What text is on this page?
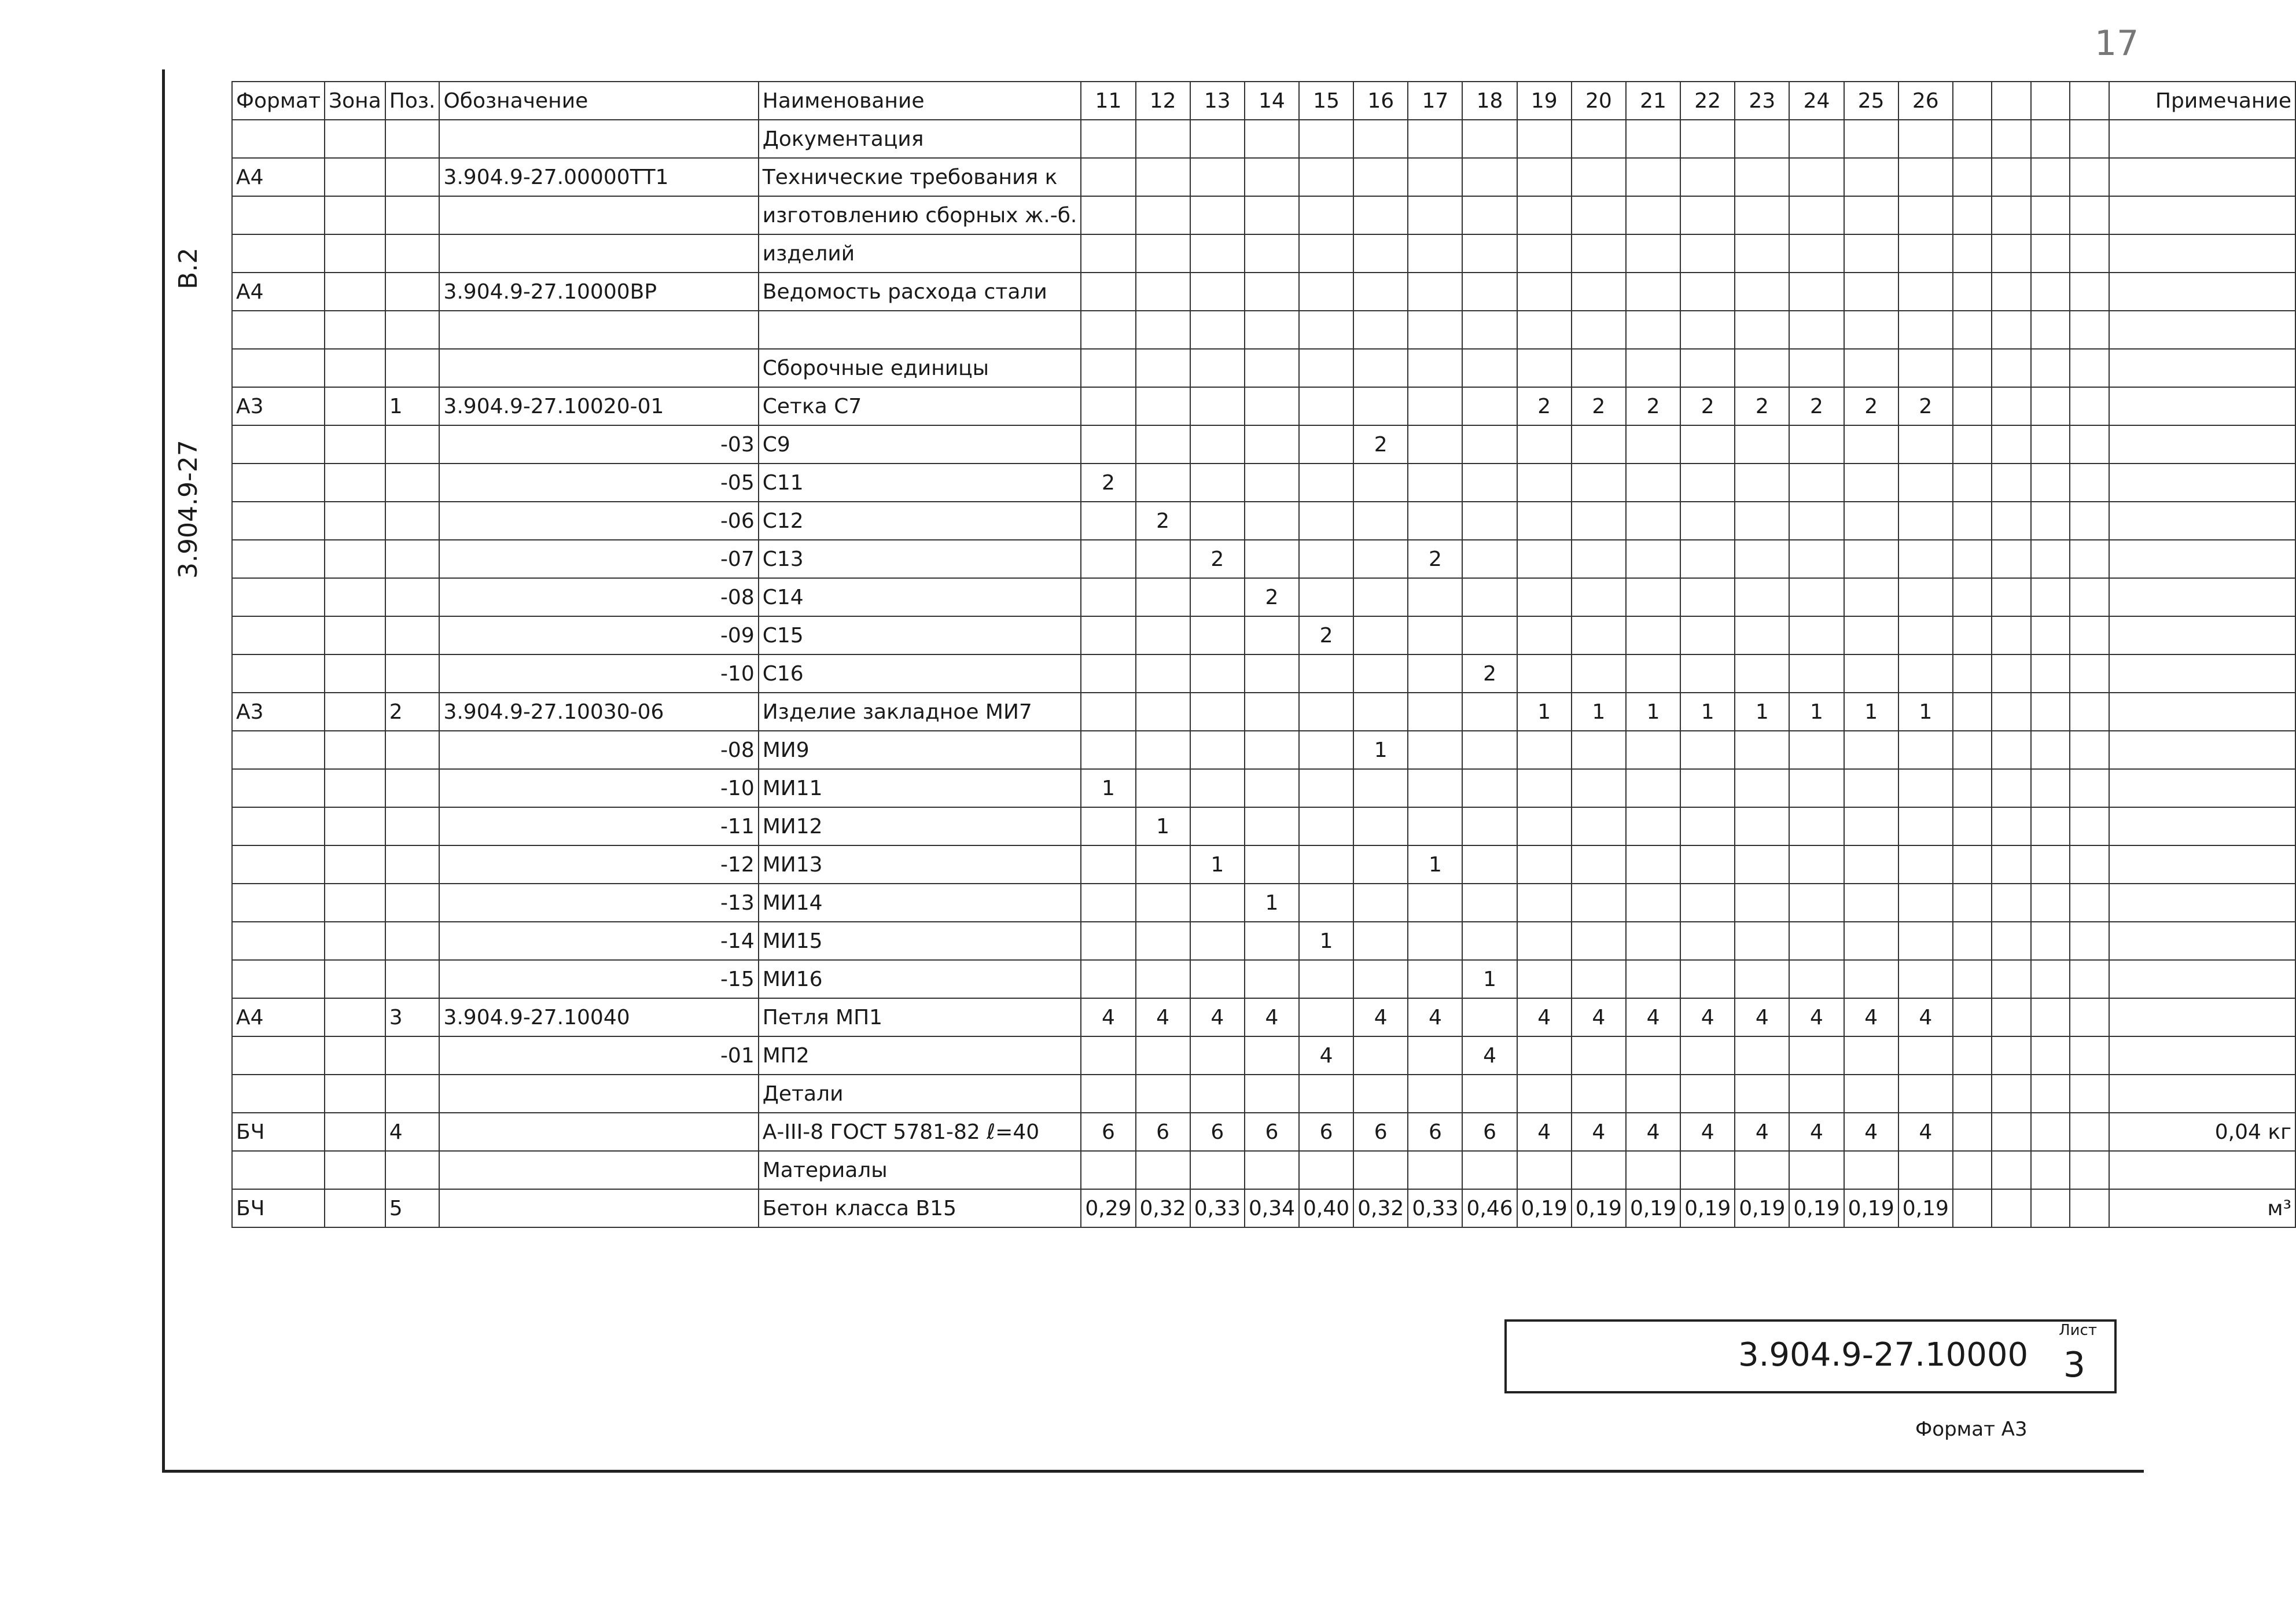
3.904.9-27
В.2
17
Формат	Зона	Поз.	Обозначение	Наименование	11	12	13	14	15	16	17	18	19	20	21	22	23	24	25	26					Примечание
				Документация																					
А4			3.904.9-27.00000ТТ1	Технические требования к																					
				изготовлению сборных ж.-б.																					
				изделий																					
А4			3.904.9-27.10000ВР	Ведомость расхода стали																					

				Сборочные единицы																					
А3		1	3.904.9-27.10020-01	Сетка С7									2	2	2	2	2	2	2	2					
			-03	С9						2															
			-05	С11	2																				
			-06	С12		2																			
			-07	С13			2				2														
			-08	С14				2																	
			-09	С15					2																
			-10	С16								2													
А3		2	3.904.9-27.10030-06	Изделие закладное МИ7									1	1	1	1	1	1	1	1					
			-08	МИ9						1															
			-10	МИ11	1																				
			-11	МИ12		1																			
			-12	МИ13			1				1														
			-13	МИ14				1																	
			-14	МИ15					1																
			-15	МИ16								1													
А4		3	3.904.9-27.10040	Петля МП1	4	4	4	4		4	4		4	4	4	4	4	4	4	4					
			-01	МП2					4			4													
				Детали																					
БЧ		4		А-III-8 ГОСТ 5781-82 ℓ=40	6	6	6	6	6	6	6	6	4	4	4	4	4	4	4	4					0,04 кг
				Материалы																					
БЧ		5		Бетон класса В15	0,29	0,32	0,33	0,34	0,40	0,32	0,33	0,46	0,19	0,19	0,19	0,19	0,19	0,19	0,19	0,19					м³
3.904.9-27.10000
Лист
3
Формат А3
